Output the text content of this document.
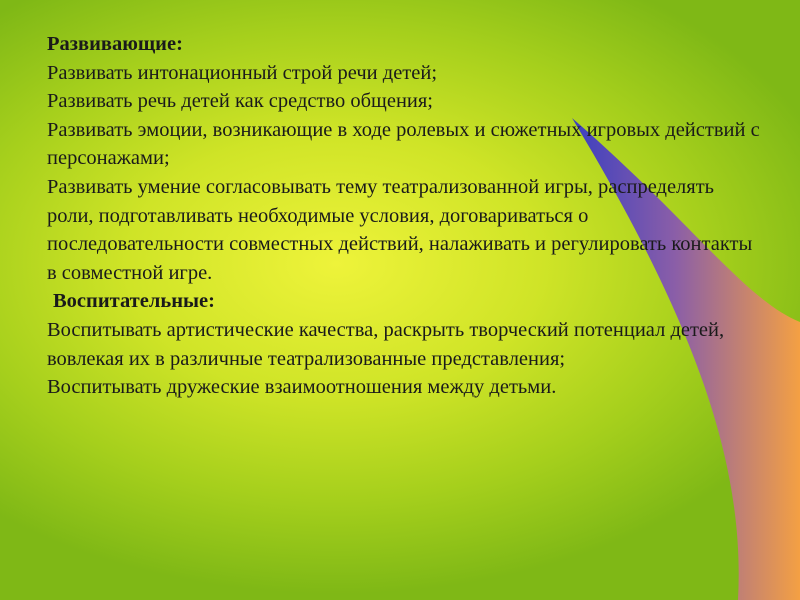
Развивающие:

Развивать интонационный строй речи детей;

Развивать речь детей как средство общения;

Развивать эмоции, возникающие в ходе ролевых и сюжетных игровых действий с персонажами;

Развивать умение согласовывать тему театрализованной игры, распределять роли, подготавливать необходимые условия, договариваться о последовательности совместных действий, налаживать и регулировать контакты в совместной игре.

Воспитательные:

Воспитывать артистические качества, раскрыть творческий потенциал детей, вовлекая их в различные театрализованные представления;

Воспитывать дружеские взаимоотношения между детьми.
